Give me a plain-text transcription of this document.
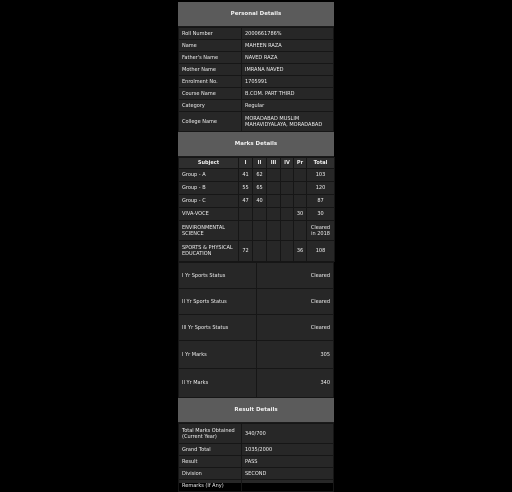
Personal Details
Roll Number	2000661786%
Name	MAHEEN RAZA
Father's Name	NAVED RAZA
Mother Name	IMRANA NAVED
Enrolment No.	1705991
Course Name	B.COM. PART THIRD
Category	Regular
College Name	MORADABAD MUSLIM MAHAVIDYALAYA, MORADABAD
Marks Details
Subject	I	II	III	IV	Pr	Total
Group - A	41	62				103
Group - B	55	65				120
Group - C	47	40				87
VIVA-VOCE					30	30
ENVIRONMENTAL SCIENCE						Cleared in 2018
SPORTS & PHYSICAL EDUCATION	72				36	108
I Yr Sports Status	Cleared
II Yr Sports Status	Cleared
III Yr Sports Status	Cleared
I Yr Marks	305
II Yr Marks	340
Result Details
Total Marks Obtained (Current Year)	340/700
Grand Total	1035/2000
Result	PASS
Division	SECOND
Remarks (If Any)	
